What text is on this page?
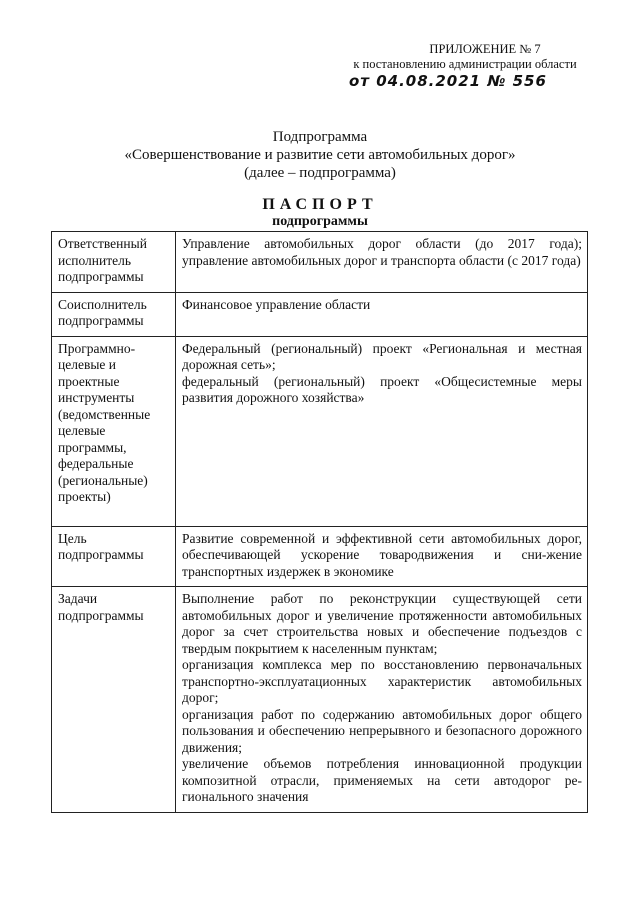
ПРИЛОЖЕНИЕ № 7
к постановлению администрации области
от 04.08.2021 № 556
Подпрограмма
«Совершенствование и развитие сети автомобильных дорог»
(далее – подпрограмма)
ПАСПОРТ
подпрограммы
Ответственный исполнитель подпрограммы	Управление автомобильных дорог области (до 2017 года); управление автомобильных дорог и транспорта области (с 2017 года)

Соисполнитель подпрограммы	Финансовое управление области

Программно-целевые и проектные инструменты (ведомственные целевые программы, федеральные (региональные) проекты)	Федеральный (региональный) проект «Региональная и местная дорожная сеть»;

федеральный (региональный) проект «Общесистемные меры развития дорожного хозяйства»

Цель подпрограммы	Развитие современной и эффективной сети автомобильных дорог, обеспечивающей ускорение товародвижения и сни-жение транспортных издержек в экономике

Задачи подпрограммы	Выполнение работ по реконструкции существующей сети автомобильных дорог и увеличение протяженности автомобильных дорог за счет строительства новых и обеспечение подъездов с твердым покрытием к населенным пунктам;

организация комплекса мер по восстановлению первоначальных транспортно-эксплуатационных характеристик автомобильных дорог;

организация работ по содержанию автомобильных дорог общего пользования и обеспечению непрерывного и безопасного дорожного движения;

увеличение объемов потребления инновационной продукции композитной отрасли, применяемых на сети автодорог ре-гионального значения
